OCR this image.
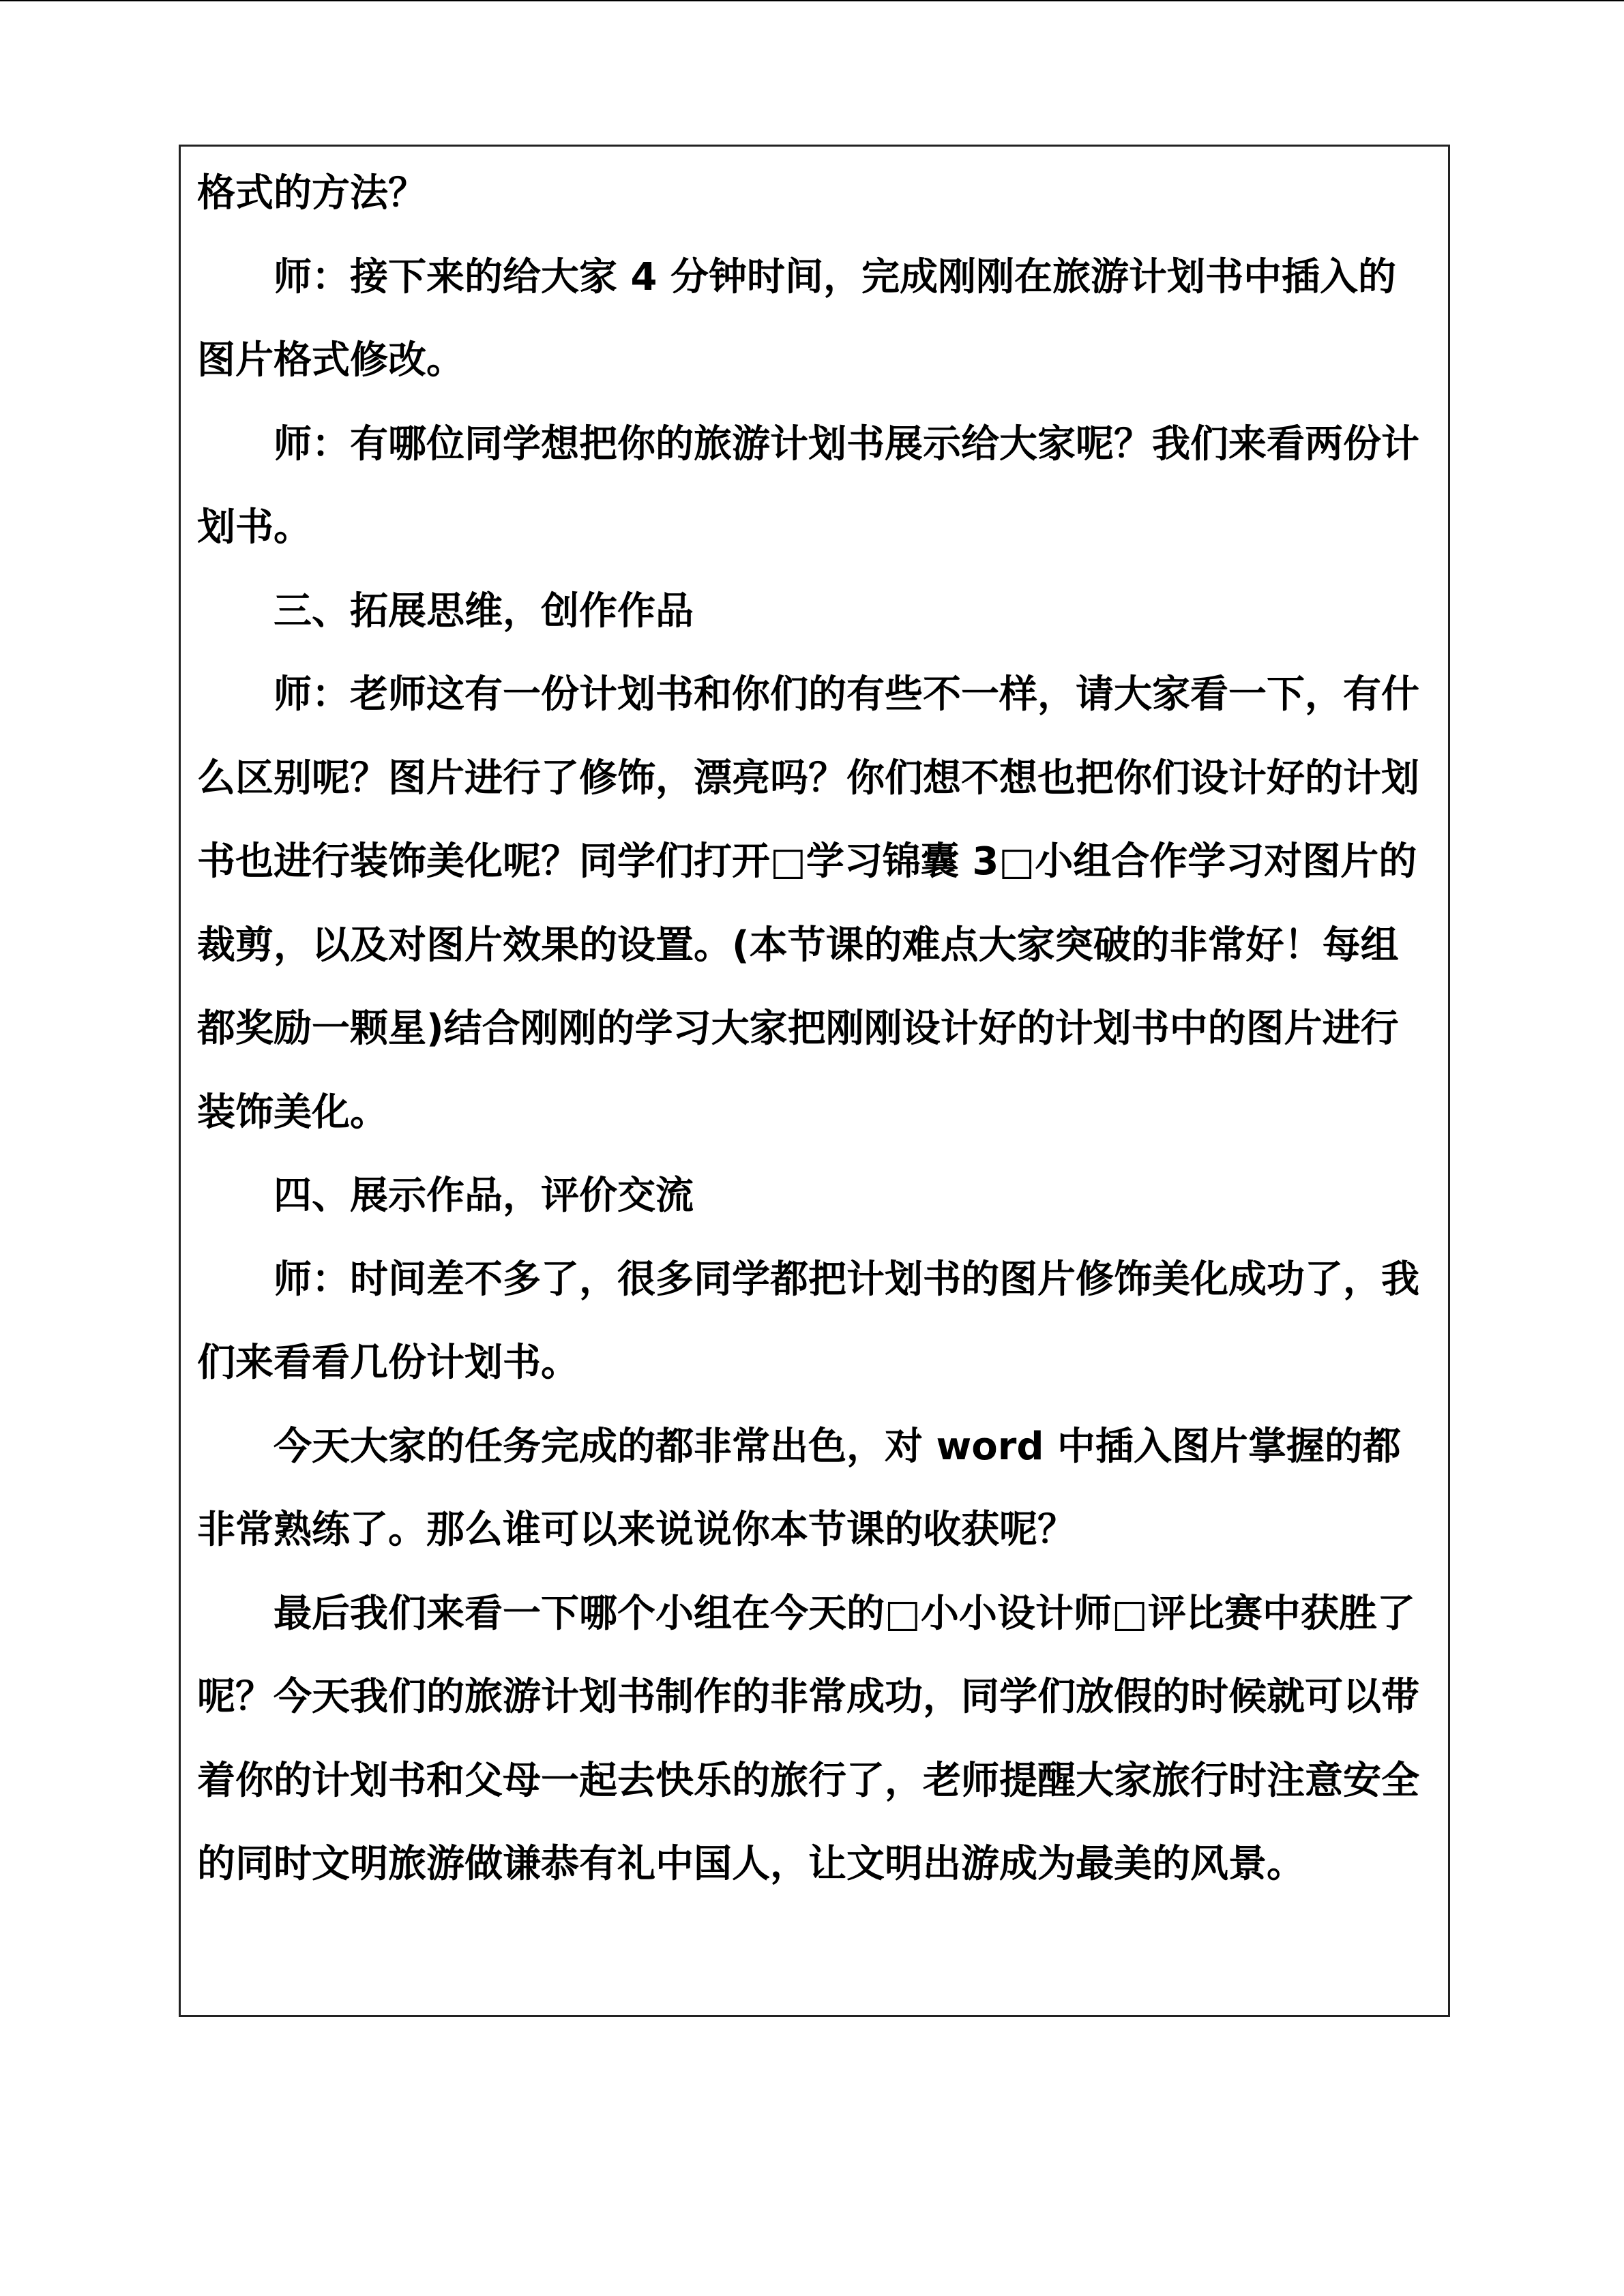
格式的方法？

师：接下来的给大家 4 分钟时间，完成刚刚在旅游计划书中插入的图片格式修改。

师：有哪位同学想把你的旅游计划书展示给大家呢？我们来看两份计划书。

三、拓展思维，创作作品

师：老师这有一份计划书和你们的有些不一样，请大家看一下，有什么区别呢？图片进行了修饰，漂亮吗？你们想不想也把你们设计好的计划书也进行装饰美化呢？同学们打开□学习锦囊 3□小组合作学习对图片的裁剪，以及对图片效果的设置。(本节课的难点大家突破的非常好！每组都奖励一颗星)结合刚刚的学习大家把刚刚设计好的计划书中的图片进行装饰美化。

四、展示作品，评价交流

师：时间差不多了，很多同学都把计划书的图片修饰美化成功了，我们来看看几份计划书。

今天大家的任务完成的都非常出色，对 word 中插入图片掌握的都非常熟练了。那么谁可以来说说你本节课的收获呢？

最后我们来看一下哪个小组在今天的□小小设计师□评比赛中获胜了呢？今天我们的旅游计划书制作的非常成功，同学们放假的时候就可以带着你的计划书和父母一起去快乐的旅行了，老师提醒大家旅行时注意安全的同时文明旅游做谦恭有礼中国人，让文明出游成为最美的风景。
